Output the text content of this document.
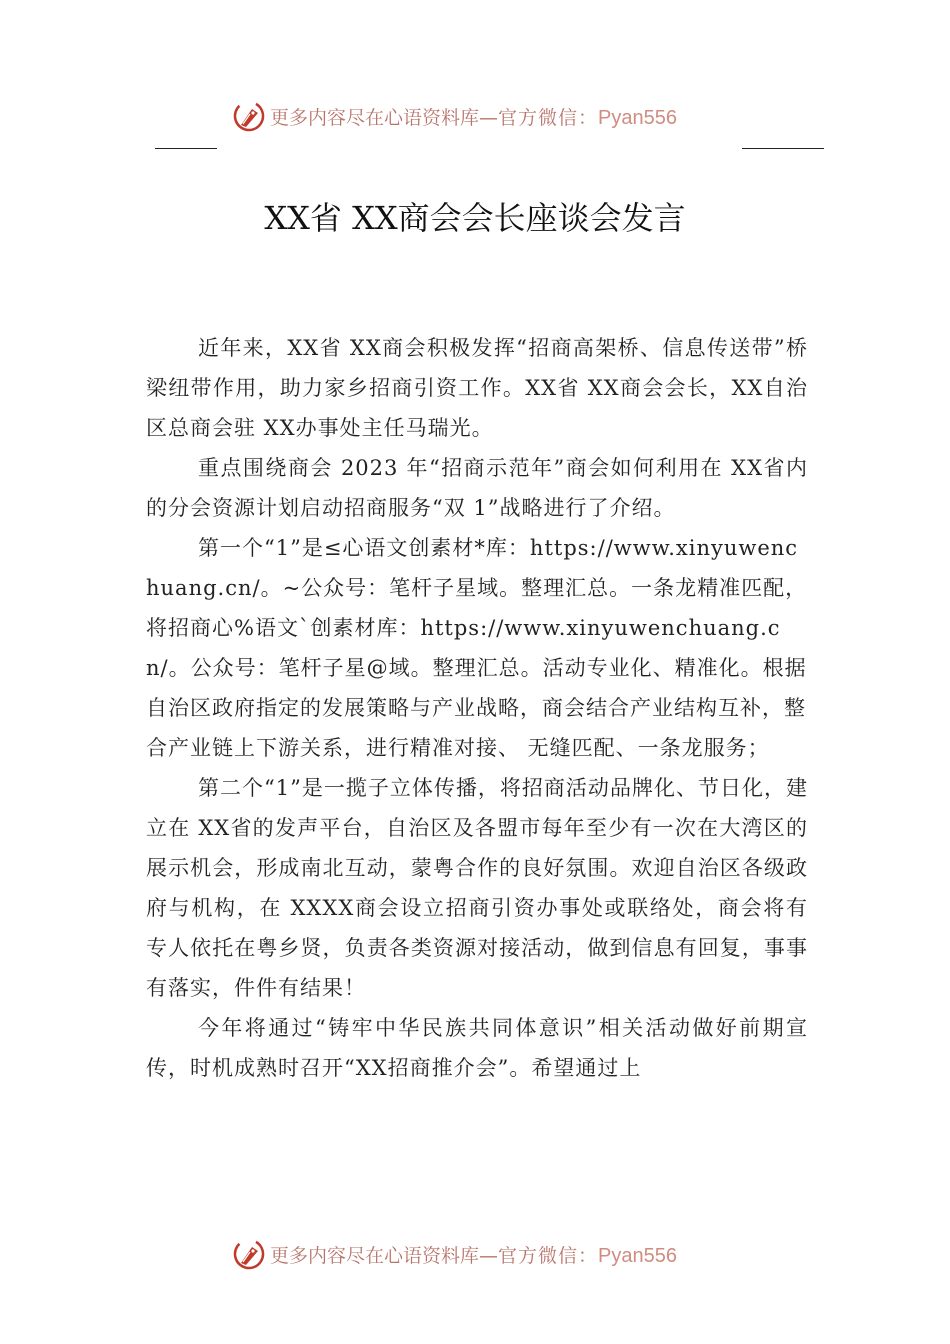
更多内容尽在心语资料库—官方微信：Pyan556
XX省 XX商会会长座谈会发言

近年来，XX省 XX商会积极发挥“招商高架桥、信息传送带”桥梁纽带作用，助力家乡招商引资工作。XX省 XX商会会长，XX自治区总商会驻 XX办事处主任马瑞光。

重点围绕商会 2023 年“招商示范年”商会如何利用在 XX省内的分会资源计划启动招商服务“双 1”战略进行了介绍。

第一个“1”是≤心语文创素材*库：https://www.xinyuwenchuang.cn/。~公众号：笔杆子星域。整理汇总。一条龙精准匹配，将招商心%语文`创素材库：https://www.xinyuwenchuang.cn/。公众号：笔杆子星@域。整理汇总。活动专业化、精准化。根据自治区政府指定的发展策略与产业战略，商会结合产业结构互补，整合产业链上下游关系，进行精准对接、 无缝匹配、一条龙服务；

第二个“1”是一揽子立体传播，将招商活动品牌化、节日化，建立在 XX省的发声平台，自治区及各盟市每年至少有一次在大湾区的展示机会，形成南北互动，蒙粤合作的良好氛围。欢迎自治区各级政府与机构，在 XXXX商会设立招商引资办事处或联络处，商会将有专人依托在粤乡贤，负责各类资源对接活动，做到信息有回复，事事有落实，件件有结果！

今年将通过“铸牢中华民族共同体意识”相关活动做好前期宣传，时机成熟时召开“XX招商推介会”。希望通过上

更多内容尽在心语资料库—官方微信：Pyan556
